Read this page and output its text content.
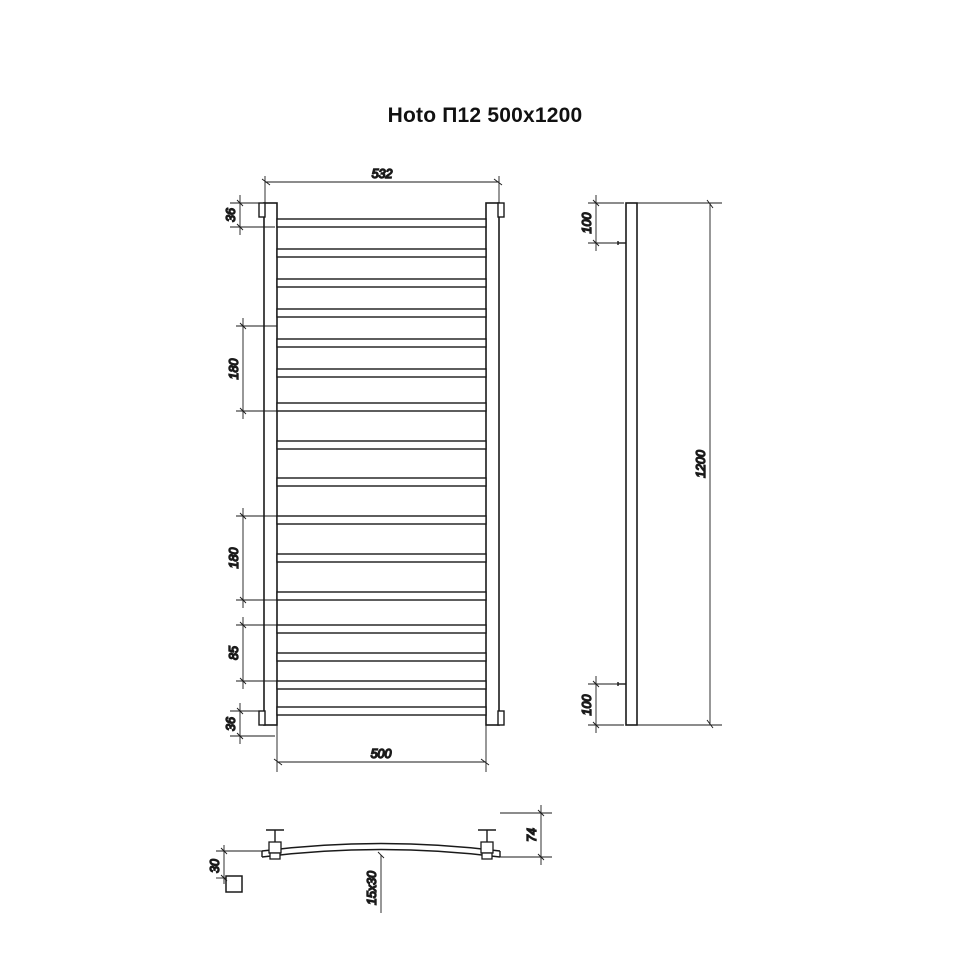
Ноto П12 500x1200
532
36
180
180
85
36
500
100
100
1200
74
30
15х30
